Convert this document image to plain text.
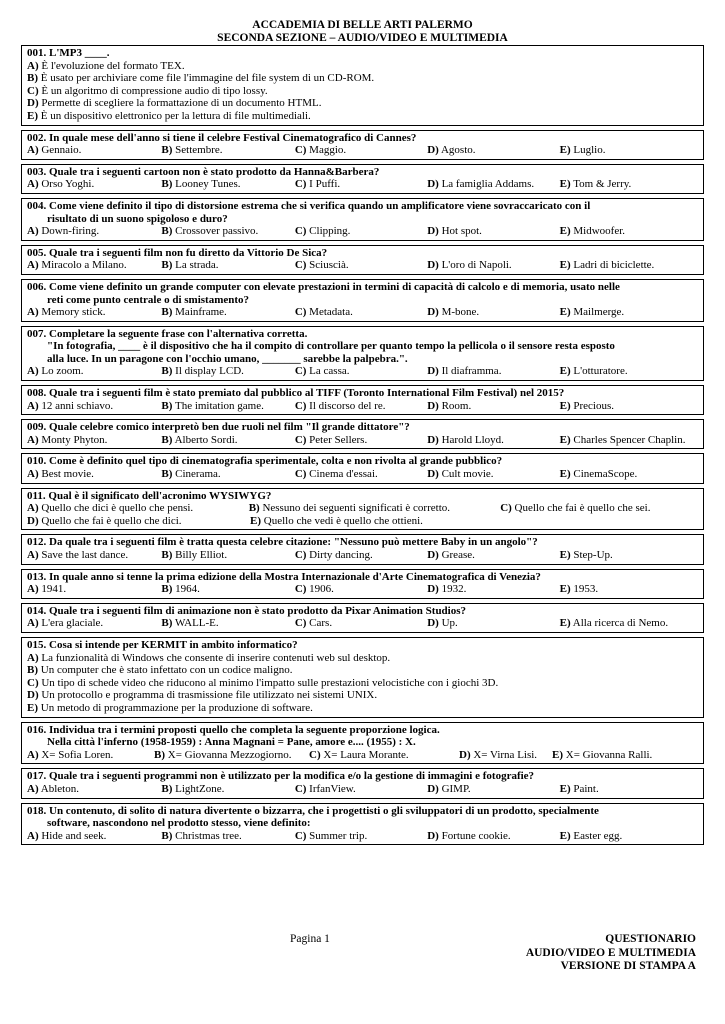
ACCADEMIA DI BELLE ARTI PALERMO
SECONDA SEZIONE – AUDIO/VIDEO E MULTIMEDIA
001. L'MP3 ____.
A) È l'evoluzione del formato TEX.
B) È usato per archiviare come file l'immagine del file system di un CD-ROM.
C) È un algoritmo di compressione audio di tipo lossy.
D) Permette di scegliere la formattazione di un documento HTML.
E) È un dispositivo elettronico per la lettura di file multimediali.
002. In quale mese dell'anno si tiene il celebre Festival Cinematografico di Cannes?
A) Gennaio.	B) Settembre.	C) Maggio.	D) Agosto.	E) Luglio.
003. Quale tra i seguenti cartoon non è stato prodotto da Hanna&Barbera?
A) Orso Yoghi.	B) Looney Tunes.	C) I Puffi.	D) La famiglia Addams.	E) Tom & Jerry.
004. Come viene definito il tipo di distorsione estrema che si verifica quando un amplificatore viene sovraccaricato con il
risultato di un suono spigoloso e duro?
A) Down-firing.	B) Crossover passivo.	C) Clipping.	D) Hot spot.	E) Midwoofer.
005. Quale tra i seguenti film non fu diretto da Vittorio De Sica?
A) Miracolo a Milano.	B) La strada.	C) Sciuscià.	D) L'oro di Napoli.	E) Ladri di biciclette.
006. Come viene definito un grande computer con elevate prestazioni in termini di capacità di calcolo e di memoria, usato nelle
reti come punto centrale o di smistamento?
A) Memory stick.	B) Mainframe.	C) Metadata.	D) M-bone.	E) Mailmerge.
007. Completare la seguente frase con l'alternativa corretta.
"In fotografia, ____ è il dispositivo che ha il compito di controllare per quanto tempo la pellicola o il sensore resta esposto
alla luce. In un paragone con l'occhio umano, _______ sarebbe la palpebra.".
A) Lo zoom.	B) Il display LCD.	C) La cassa.	D) Il diaframma.	E) L'otturatore.
008. Quale tra i seguenti film è stato premiato dal pubblico al TIFF (Toronto International Film Festival) nel 2015?
A) 12 anni schiavo.	B) The imitation game.	C) Il discorso del re.	D) Room.	E) Precious.
009. Quale celebre comico interpretò ben due ruoli nel film "Il grande dittatore"?
A) Monty Phyton.	B) Alberto Sordi.	C) Peter Sellers.	D) Harold Lloyd.	E) Charles Spencer Chaplin.
010. Come è definito quel tipo di cinematografia sperimentale, colta e non rivolta al grande pubblico?
A) Best movie.	B) Cinerama.	C) Cinema d'essai.	D) Cult movie.	E) CinemaScope.
011. Qual è il significato dell'acronimo WYSIWYG?
A) Quello che dici è quello che pensi.	B) Nessuno dei seguenti significati è corretto.	C) Quello che fai è quello che sei.
D) Quello che fai è quello che dici.	E) Quello che vedi è quello che ottieni.
012. Da quale tra i seguenti film è tratta questa celebre citazione: "Nessuno può mettere Baby in un angolo"?
A) Save the last dance.	B) Billy Elliot.	C) Dirty dancing.	D) Grease.	E) Step-Up.
013. In quale anno si tenne la prima edizione della Mostra Internazionale d'Arte Cinematografica di Venezia?
A) 1941.	B) 1964.	C) 1906.	D) 1932.	E) 1953.
014. Quale tra i seguenti film di animazione non è stato prodotto da Pixar Animation Studios?
A) L'era glaciale.	B) WALL-E.	C) Cars.	D) Up.	E) Alla ricerca di Nemo.
015. Cosa si intende per KERMIT in ambito informatico?
A) La funzionalità di Windows che consente di inserire contenuti web sul desktop.
B) Un computer che è stato infettato con un codice maligno.
C) Un tipo di schede video che riducono al minimo l'impatto sulle prestazioni velocistiche con i giochi 3D.
D) Un protocollo e programma di trasmissione file utilizzato nei sistemi UNIX.
E) Un metodo di programmazione per la produzione di software.
016. Individua tra i termini proposti quello che completa la seguente proporzione logica.
Nella città l'inferno (1958-1959) : Anna Magnani = Pane, amore e.... (1955) : X.
A) X= Sofia Loren.	B) X= Giovanna Mezzogiorno.	C) X= Laura Morante.	D) X= Virna Lisi.	E) X= Giovanna Ralli.
017. Quale tra i seguenti programmi non è utilizzato per la modifica e/o la gestione di immagini e fotografie?
A) Ableton.	B) LightZone.	C) IrfanView.	D) GIMP.	E) Paint.
018. Un contenuto, di solito di natura divertente o bizzarra, che i progettisti o gli sviluppatori di un prodotto, specialmente
software, nascondono nel prodotto stesso, viene definito:
A) Hide and seek.	B) Christmas tree.	C) Summer trip.	D) Fortune cookie.	E) Easter egg.
Pagina 1	QUESTIONARIO
AUDIO/VIDEO E MULTIMEDIA
VERSIONE DI STAMPA A
